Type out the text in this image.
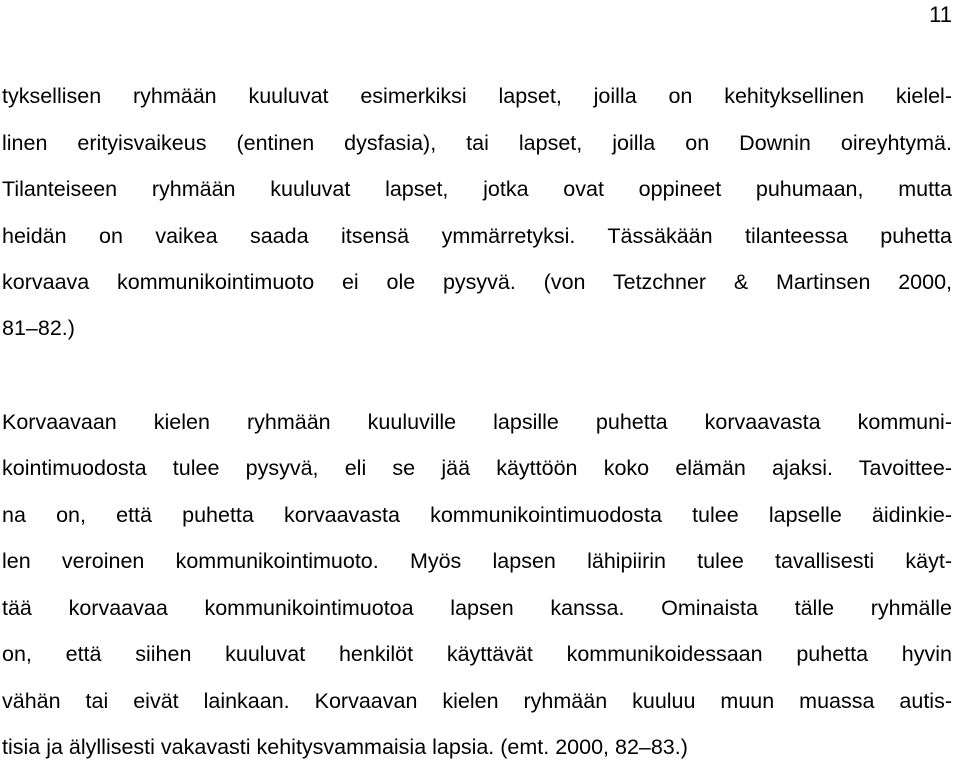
11
tyksellisen ryhmään kuuluvat esimerkiksi lapset, joilla on kehityksellinen kielel-
linen erityisvaikeus (entinen dysfasia), tai lapset, joilla on Downin oireyhtymä.
Tilanteiseen ryhmään kuuluvat lapset, jotka ovat oppineet puhumaan, mutta
heidän on vaikea saada itsensä ymmärretyksi. Tässäkään tilanteessa puhetta
korvaava kommunikointimuoto ei ole pysyvä. (von Tetzchner & Martinsen 2000,
81–82.)
Korvaavaan kielen ryhmään kuuluville lapsille puhetta korvaavasta kommuni-
kointimuodosta tulee pysyvä, eli se jää käyttöön koko elämän ajaksi. Tavoittee-
na on, että puhetta korvaavasta kommunikointimuodosta tulee lapselle äidinkie-
len veroinen kommunikointimuoto. Myös lapsen lähipiirin tulee tavallisesti käyt-
tää korvaavaa kommunikointimuotoa lapsen kanssa. Ominaista tälle ryhmälle
on, että siihen kuuluvat henkilöt käyttävät kommunikoidessaan puhetta hyvin
vähän tai eivät lainkaan. Korvaavan kielen ryhmään kuuluu muun muassa autis-
tisia ja älyllisesti vakavasti kehitysvammaisia lapsia. (emt. 2000, 82–83.)
